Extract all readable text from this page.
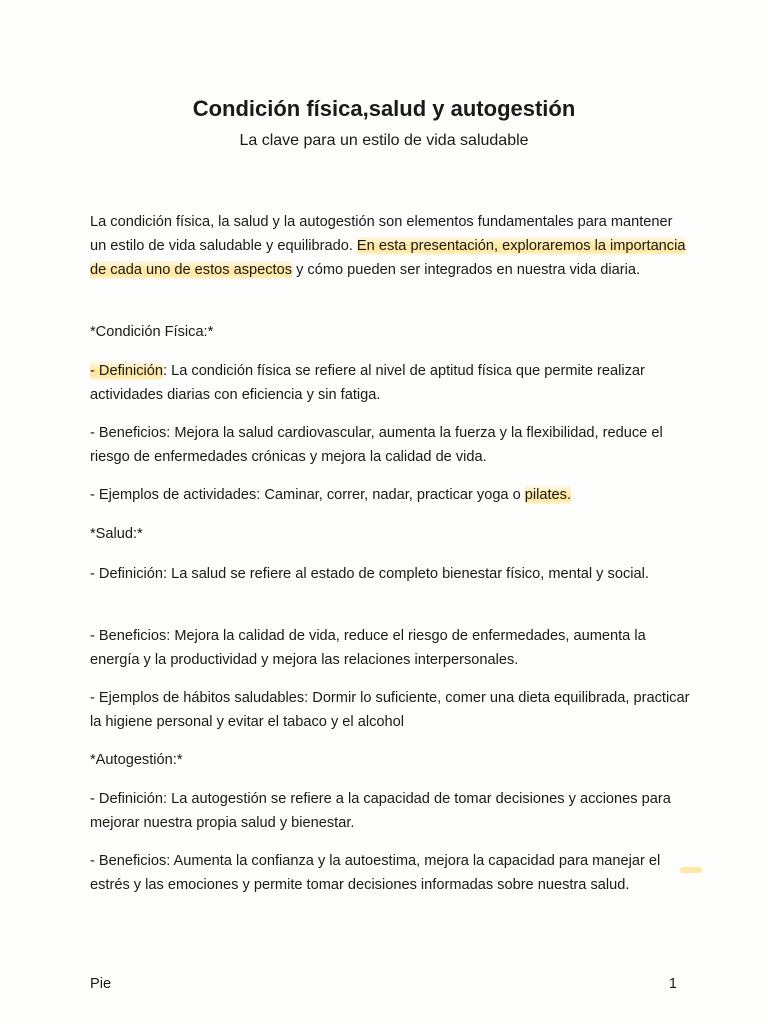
Condición física,salud y autogestión

La clave para un estilo de vida saludable

La condición física, la salud y la autogestión son elementos fundamentales para mantener un estilo de vida saludable y equilibrado. En esta presentación, exploraremos la importancia de cada uno de estos aspectos y cómo pueden ser integrados en nuestra vida diaria.

*Condición Física:*

- Definición: La condición física se refiere al nivel de aptitud física que permite realizar actividades diarias con eficiencia y sin fatiga.

- Beneficios: Mejora la salud cardiovascular, aumenta la fuerza y la flexibilidad, reduce el riesgo de enfermedades crónicas y mejora la calidad de vida.

- Ejemplos de actividades: Caminar, correr, nadar, practicar yoga o pilates.

*Salud:*

- Definición: La salud se refiere al estado de completo bienestar físico, mental y social.

- Beneficios: Mejora la calidad de vida, reduce el riesgo de enfermedades, aumenta la energía y la productividad y mejora las relaciones interpersonales.

- Ejemplos de hábitos saludables: Dormir lo suficiente, comer una dieta equilibrada, practicar la higiene personal y evitar el tabaco y el alcohol

*Autogestión:*

- Definición: La autogestión se refiere a la capacidad de tomar decisiones y acciones para mejorar nuestra propia salud y bienestar.

- Beneficios: Aumenta la confianza y la autoestima, mejora la capacidad para manejar el estrés y las emociones y permite tomar decisiones informadas sobre nuestra salud.

Pie	1
